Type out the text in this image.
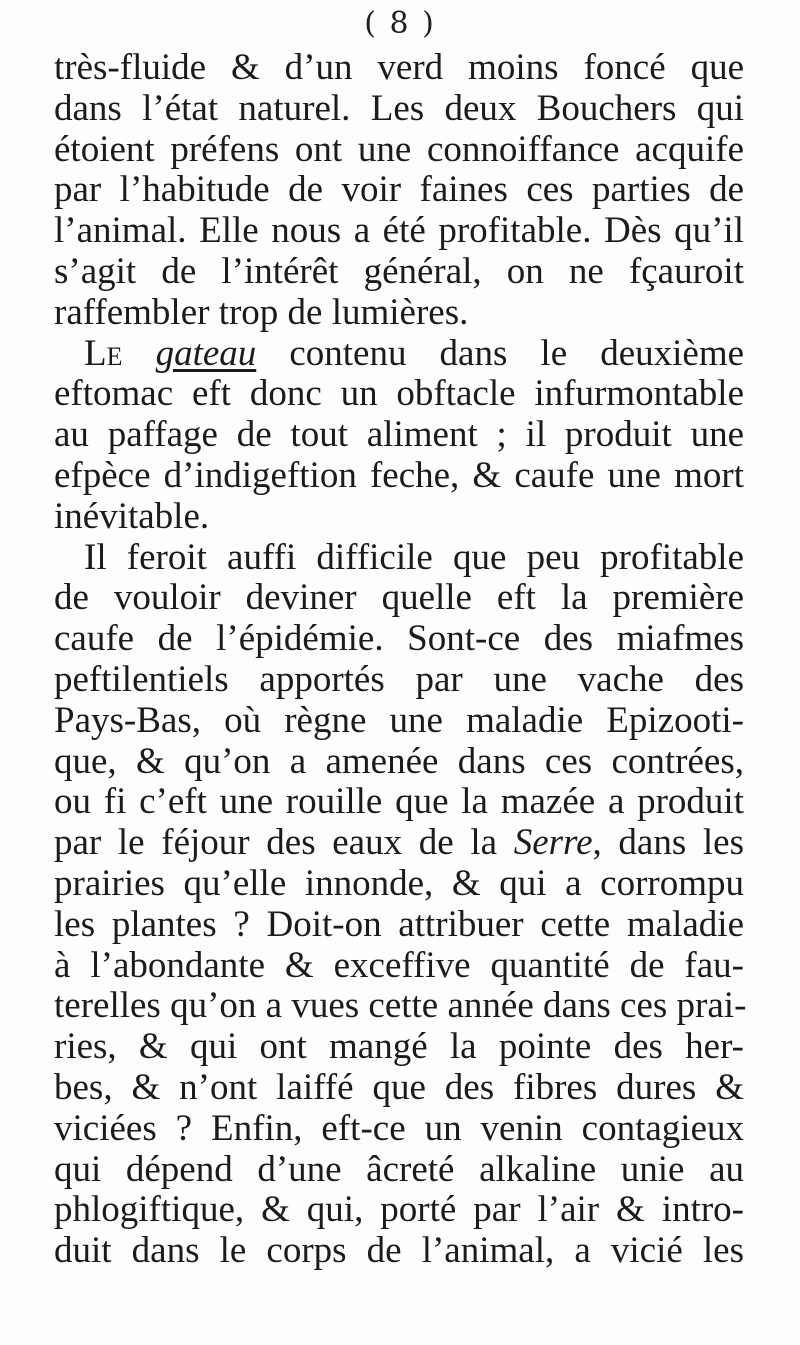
( 8 )
très-fluide & d’un verd moins foncé que
dans l’état naturel. Les deux Bouchers qui
étoient préfens ont une connoiffance acquife
par l’habitude de voir faines ces parties de
l’animal. Elle nous a été profitable. Dès qu’il
s’agit de l’intérêt général, on ne fçauroit
raffembler trop de lumières.
Le gateau contenu dans le deuxième
eftomac eft donc un obftacle infurmontable
au paffage de tout aliment ; il produit une
efpèce d’indigeftion feche, & caufe une mort
inévitable.
Il feroit auffi difficile que peu profitable
de vouloir deviner quelle eft la première
caufe de l’épidémie. Sont-ce des miafmes
peftilentiels apportés par une vache des
Pays-Bas, où règne une maladie Epizooti-
que, & qu’on a amenée dans ces contrées,
ou fi c’eft une rouille que la mazée a produit
par le féjour des eaux de la Serre, dans les
prairies qu’elle innonde, & qui a corrompu
les plantes ? Doit-on attribuer cette maladie
à l’abondante & exceffive quantité de fau-
terelles qu’on a vues cette année dans ces prai-
ries, & qui ont mangé la pointe des her-
bes, & n’ont laiffé que des fibres dures &
viciées ? Enfin, eft-ce un venin contagieux
qui dépend d’une âcreté alkaline unie au
phlogiftique, & qui, porté par l’air & intro-
duit dans le corps de l’animal, a vicié les
